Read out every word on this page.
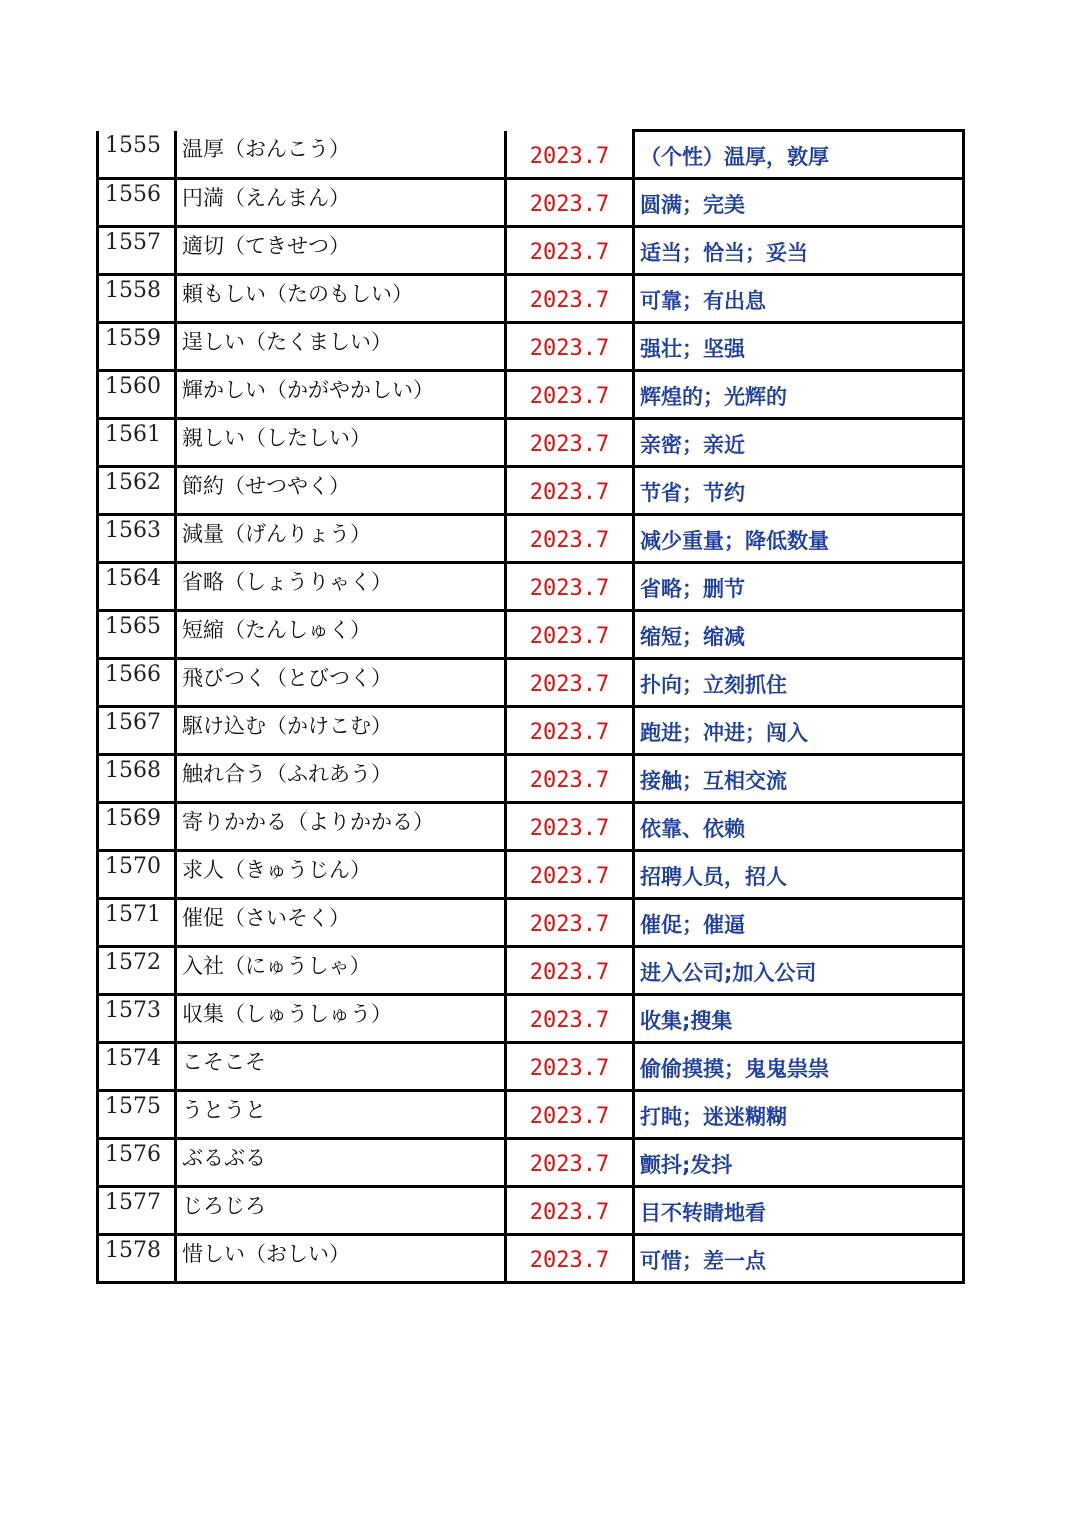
1555	温厚（おんこう）	2023.7	（个性）温厚，敦厚
1556	円満（えんまん）	2023.7	圆满；完美
1557	適切（てきせつ）	2023.7	适当；恰当；妥当
1558	頼もしい（たのもしい）	2023.7	可靠；有出息
1559	逞しい（たくましい）	2023.7	强壮；坚强
1560	輝かしい（かがやかしい）	2023.7	辉煌的；光辉的
1561	親しい（したしい）	2023.7	亲密；亲近
1562	節約（せつやく）	2023.7	节省；节约
1563	減量（げんりょう）	2023.7	减少重量；降低数量
1564	省略（しょうりゃく）	2023.7	省略；删节
1565	短縮（たんしゅく）	2023.7	缩短；缩减
1566	飛びつく（とびつく）	2023.7	扑向；立刻抓住
1567	駆け込む（かけこむ）	2023.7	跑进；冲进；闯入
1568	触れ合う（ふれあう）	2023.7	接触；互相交流
1569	寄りかかる（よりかかる）	2023.7	依靠、依赖
1570	求人（きゅうじん）	2023.7	招聘人员，招人
1571	催促（さいそく）	2023.7	催促；催逼
1572	入社（にゅうしゃ）	2023.7	进入公司;加入公司
1573	収集（しゅうしゅう）	2023.7	收集;搜集
1574	こそこそ	2023.7	偷偷摸摸；鬼鬼祟祟
1575	うとうと	2023.7	打盹；迷迷糊糊
1576	ぶるぶる	2023.7	颤抖;发抖
1577	じろじろ	2023.7	目不转睛地看
1578	惜しい（おしい）	2023.7	可惜；差一点
